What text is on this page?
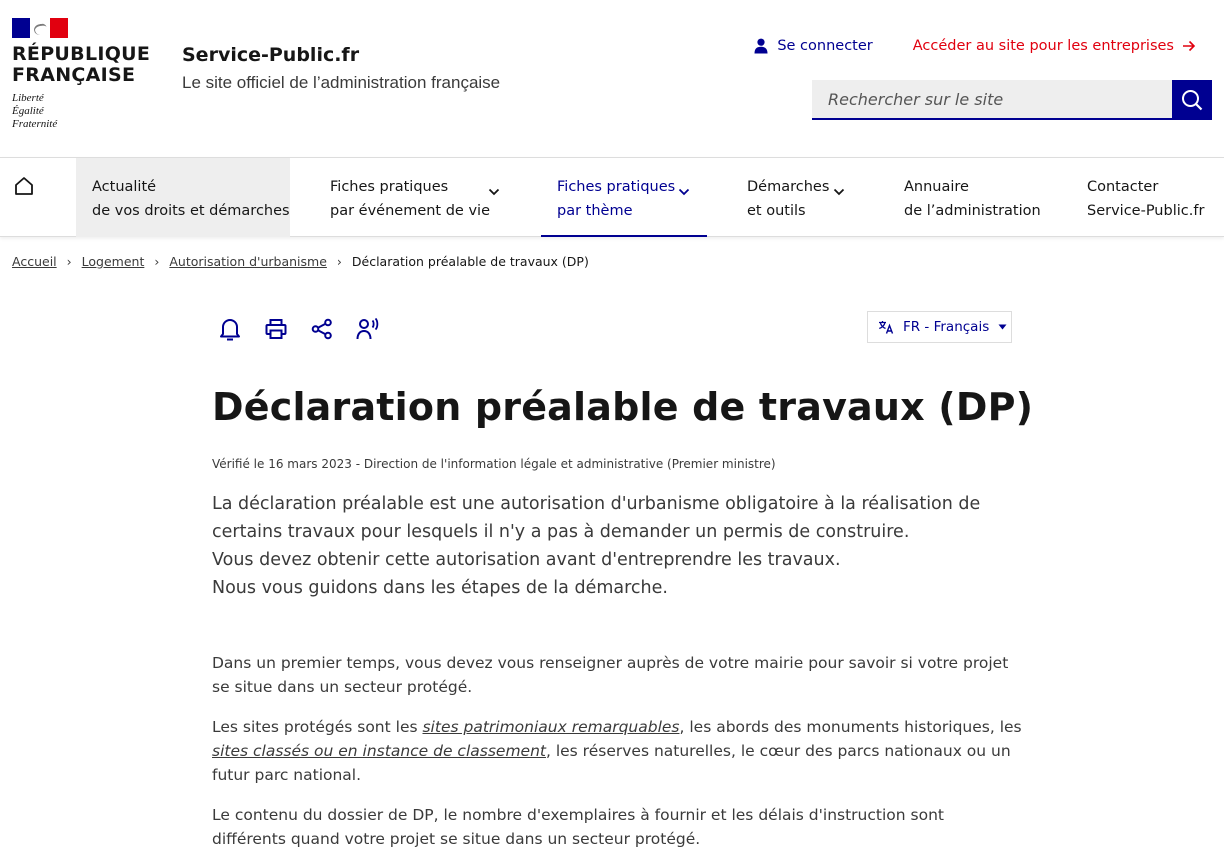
RÉPUBLIQUE
FRANÇAISE
Liberté
Égalité
Fraternité
Service-Public.fr
Le site officiel de l’administration française
Se connecter	Accéder au site pour les entreprises
Rechercher sur le site
Actualité
de vos droits et démarches
Fiches pratiques
par événement de vie
Fiches pratiques
par thème
Démarches
et outils
Annuaire
de l’administration
Contacter
Service-Public.fr
Accueil › Logement › Autorisation d'urbanisme › Déclaration préalable de travaux (DP)
FR - Français
Déclaration préalable de travaux (DP)
Vérifié le 16 mars 2023 - Direction de l'information légale et administrative (Premier ministre)
La déclaration préalable est une autorisation d'urbanisme obligatoire à la réalisation de certains travaux pour lesquels il n'y a pas à demander un permis de construire.
Vous devez obtenir cette autorisation avant d'entreprendre les travaux.
Nous vous guidons dans les étapes de la démarche.

Dans un premier temps, vous devez vous renseigner auprès de votre mairie pour savoir si votre projet se situe dans un secteur protégé.

Les sites protégés sont les sites patrimoniaux remarquables, les abords des monuments historiques, les sites classés ou en instance de classement, les réserves naturelles, le cœur des parcs nationaux ou un futur parc national.

Le contenu du dossier de DP, le nombre d'exemplaires à fournir et les délais d'instruction sont différents quand votre projet se situe dans un secteur protégé.
